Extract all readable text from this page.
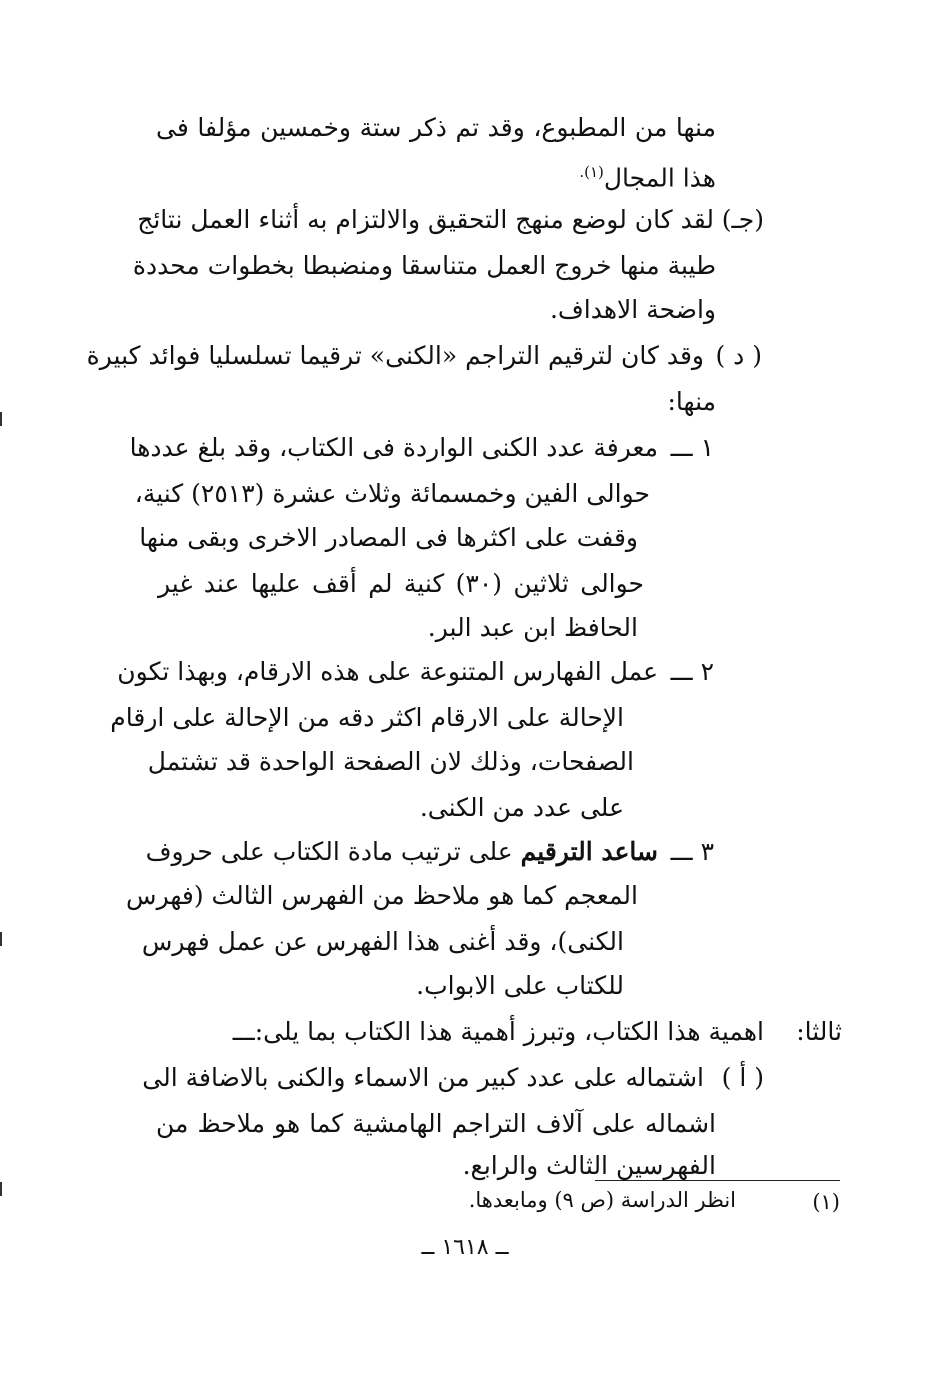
منها من المطبوع، وقد تم ذكر ستة وخمسين مؤلفا فى
هذا المجال$^{(١).}$
(جـ)
لقد كان لوضع منهج التحقيق والالتزام به أثناء العمل نتائج
طيبة منها خروج العمل متناسقا ومنضبطا بخطوات محددة
واضحة الاهداف.
( د )
وقد كان لترقيم التراجم «الكنى» ترقيما تسلسليا فوائد كبيرة
منها:
١ ـــ
معرفة عدد الكنى الواردة فى الكتاب، وقد بلغ عددها
حوالى الفين وخمسمائة وثلاث عشرة (٢٥١٣) كنية،
وقفت على اكثرها فى المصادر الاخرى وبقى منها
حوالى ثلاثين (٣٠) كنية لم أقف عليها عند غير
الحافظ ابن عبد البر.
٢ ـــ
عمل الفهارس المتنوعة على هذه الارقام، وبهذا تكون
الإحالة على الارقام اكثر دقه من الإحالة على ارقام
الصفحات، وذلك لان الصفحة الواحدة قد تشتمل
على عدد من الكنى.
٣ ـــ
ساعد الترقيم على ترتيب مادة الكتاب على حروف
المعجم كما هو ملاحظ من الفهرس الثالث (فهرس
الكنى)، وقد أغنى هذا الفهرس عن عمل فهرس
للكتاب على الابواب.
ثالثا:
اهمية هذا الكتاب، وتبرز أهمية هذا الكتاب بما يلى:ـــ
( أ )
اشتماله على عدد كبير من الاسماء والكنى بالاضافة الى
اشماله على آلاف التراجم الهامشية كما هو ملاحظ من
الفهرسين الثالث والرابع.
(١)
انظر الدراسة (ص ٩) ومابعدها.
ــ ١٦١٨ ــ
